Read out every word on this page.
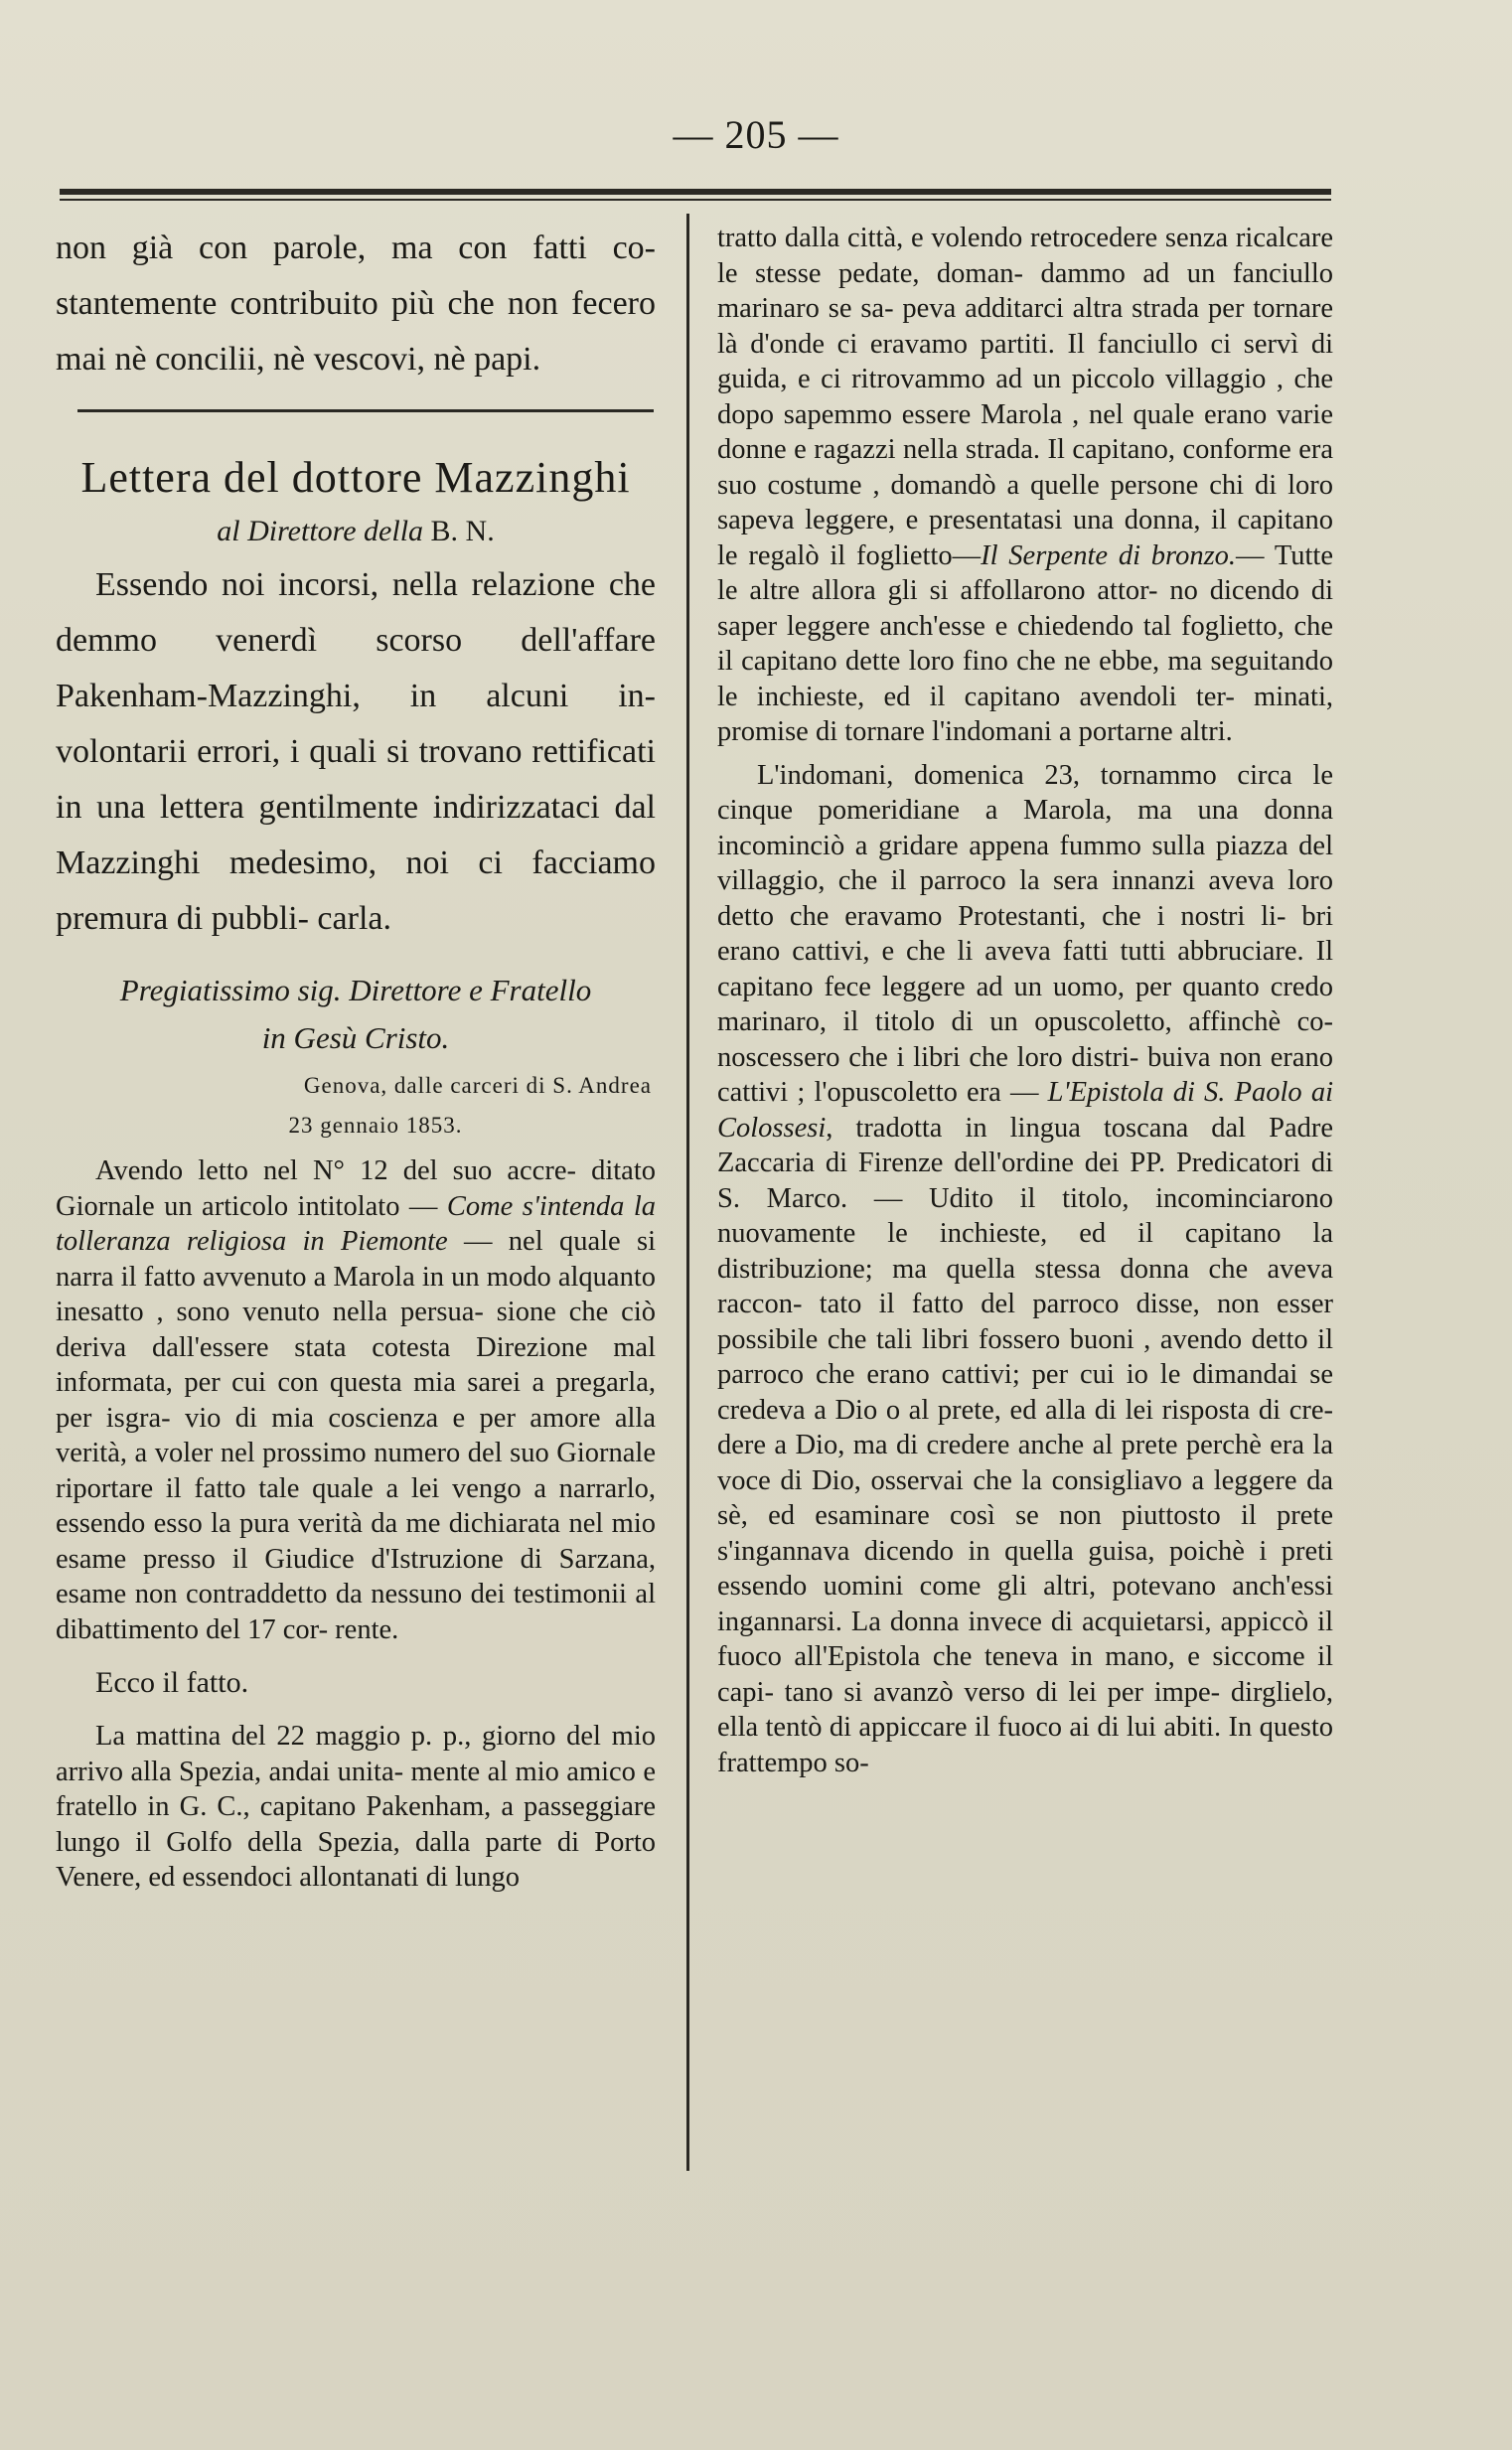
— 205 —

non già con parole, ma con fatti co- stantemente contribuito più che non fecero mai nè concilii, nè vescovi, nè papi.

Lettera del dottore Mazzinghi
al Direttore della B. N.

Essendo noi incorsi, nella relazione che demmo venerdì scorso dell'affare Pakenham-Mazzinghi, in alcuni in- volontarii errori, i quali si trovano rettificati in una lettera gentilmente indirizzataci dal Mazzinghi medesimo, noi ci facciamo premura di pubbli- carla.

Pregiatissimo sig. Direttore e Fratello
in Gesù Cristo.
Genova, dalle carceri di S. Andrea
23 gennaio 1853.

Avendo letto nel N° 12 del suo accre- ditato Giornale un articolo intitolato — Come s'intenda la tolleranza religiosa in Piemonte — nel quale si narra il fatto avvenuto a Marola in un modo alquanto inesatto , sono venuto nella persua- sione che ciò deriva dall'essere stata cotesta Direzione mal informata, per cui con questa mia sarei a pregarla, per isgra- vio di mia coscienza e per amore alla verità, a voler nel prossimo numero del suo Giornale riportare il fatto tale quale a lei vengo a narrarlo, essendo esso la pura verità da me dichiarata nel mio esame presso il Giudice d'Istruzione di Sarzana, esame non contraddetto da nessuno dei testimonii al dibattimento del 17 cor- rente.

Ecco il fatto.

La mattina del 22 maggio p. p., giorno del mio arrivo alla Spezia, andai unita- mente al mio amico e fratello in G. C., capitano Pakenham, a passeggiare lungo il Golfo della Spezia, dalla parte di Porto Venere, ed essendoci allontanati di lungo

tratto dalla città, e volendo retrocedere senza ricalcare le stesse pedate, doman- dammo ad un fanciullo marinaro se sa- peva additarci altra strada per tornare là d'onde ci eravamo partiti. Il fanciullo ci servì di guida, e ci ritrovammo ad un piccolo villaggio , che dopo sapemmo essere Marola , nel quale erano varie donne e ragazzi nella strada. Il capitano, conforme era suo costume , domandò a quelle persone chi di loro sapeva leggere, e presentatasi una donna, il capitano le regalò il foglietto—Il Serpente di bronzo.— Tutte le altre allora gli si affollarono attor- no dicendo di saper leggere anch'esse e chiedendo tal foglietto, che il capitano dette loro fino che ne ebbe, ma seguitando le inchieste, ed il capitano avendoli ter- minati, promise di tornare l'indomani a portarne altri.

L'indomani, domenica 23, tornammo circa le cinque pomeridiane a Marola, ma una donna incominciò a gridare appena fummo sulla piazza del villaggio, che il parroco la sera innanzi aveva loro detto che eravamo Protestanti, che i nostri li- bri erano cattivi, e che li aveva fatti tutti abbruciare. Il capitano fece leggere ad un uomo, per quanto credo marinaro, il titolo di un opuscoletto, affinchè co- noscessero che i libri che loro distri- buiva non erano cattivi ; l'opuscoletto era — L'Epistola di S. Paolo ai Colossesi, tradotta in lingua toscana dal Padre Zaccaria di Firenze dell'ordine dei PP. Predicatori di S. Marco. — Udito il titolo, incominciarono nuovamente le inchieste, ed il capitano la distribuzione; ma quella stessa donna che aveva raccon- tato il fatto del parroco disse, non esser possibile che tali libri fossero buoni , avendo detto il parroco che erano cattivi; per cui io le dimandai se credeva a Dio o al prete, ed alla di lei risposta di cre- dere a Dio, ma di credere anche al prete perchè era la voce di Dio, osservai che la consigliavo a leggere da sè, ed esaminare così se non piuttosto il prete s'ingannava dicendo in quella guisa, poichè i preti essendo uomini come gli altri, potevano anch'essi ingannarsi. La donna invece di acquietarsi, appiccò il fuoco all'Epistola che teneva in mano, e siccome il capi- tano si avanzò verso di lei per impe- dirglielo, ella tentò di appiccare il fuoco ai di lui abiti. In questo frattempo so-
